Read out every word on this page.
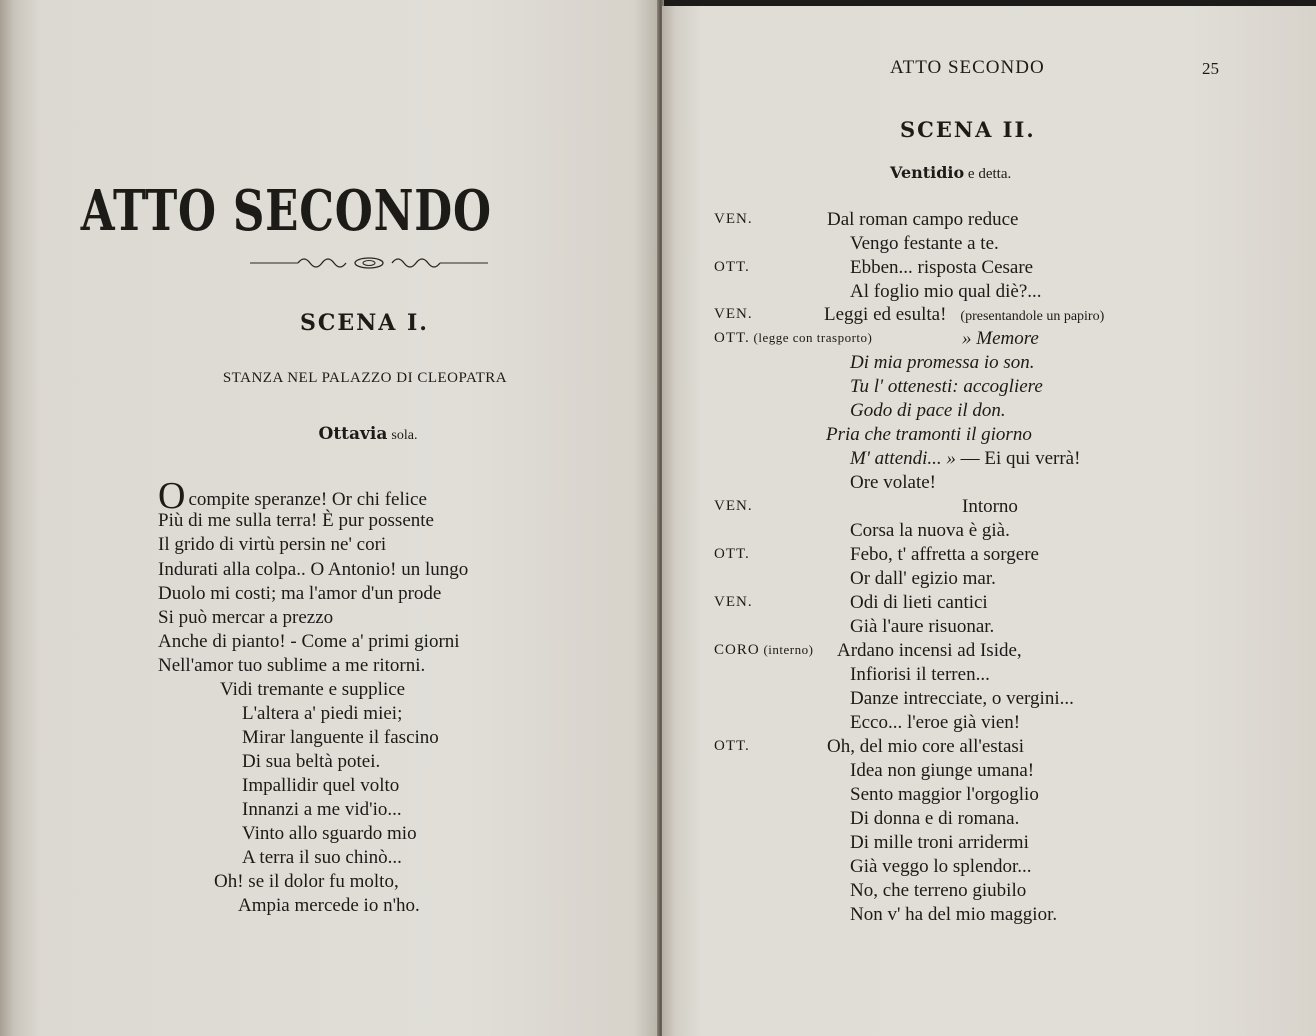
ATTO SECONDO
SCENA I.
STANZA NEL PALAZZO DI CLEOPATRA
Ottavia sola.
Ocompite speranze! Or chi felice
Più di me sulla terra! È pur possente
Il grido di virtù persin ne' cori
Indurati alla colpa.. O Antonio! un lungo
Duolo mi costi; ma l'amor d'un prode
Si può mercar a prezzo
Anche di pianto! - Come a' primi giorni
Nell'amor tuo sublime a me ritorni.
Vidi tremante e supplice
L'altera a' piedi miei;
Mirar languente il fascino
Di sua beltà potei.
Impallidir quel volto
Innanzi a me vid'io...
Vinto allo sguardo mio
A terra il suo chinò...
Oh! se il dolor fu molto,
Ampia mercede io n'ho.
ATTO SECONDO	25
SCENA II.
Ventidio e detta.
VEN.	Dal roman campo reduce
Vengo festante a te.
OTT.	Ebben... risposta Cesare
Al foglio mio qual diè?...
VEN.	Leggi ed esulta! (presentandole un papiro)
OTT. (legge con trasporto)	» Memore
Di mia promessa io son.
Tu l' ottenesti: accogliere
Godo di pace il don.
Pria che tramonti il giorno
M' attendi... » — Ei qui verrà!
Ore volate!
VEN.	Intorno
Corsa la nuova è già.
OTT.	Febo, t' affretta a sorgere
Or dall' egizio mar.
VEN.	Odi di lieti cantici
Già l'aure risuonar.
CORO (interno) Ardano incensi ad Iside,
Infiorisi il terren...
Danze intrecciate, o vergini...
Ecco... l'eroe già vien!
OTT.	Oh, del mio core all'estasi
Idea non giunge umana!
Sento maggior l'orgoglio
Di donna e di romana.
Di mille troni arridermi
Già veggo lo splendor...
No, che terreno giubilo
Non v' ha del mio maggior.
